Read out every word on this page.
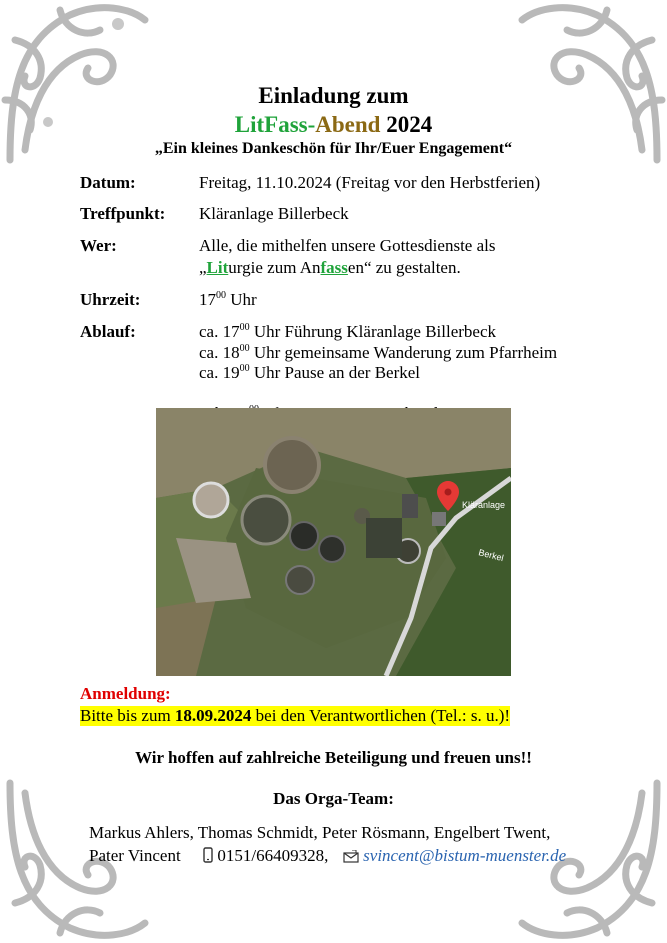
Einladung zum
LitFass-Abend 2024
„Ein kleines Dankeschön für Ihr/Euer Engagement“
Datum:	Freitag, 11.10.2024 (Freitag vor den Herbstferien)
Treffpunkt: Kläranlage Billerbeck
Wer:	Alle, die mithelfen unsere Gottesdienste als
„Liturgie zum Anfassen“ zu gestalten.
Uhrzeit:	$17^{00}$ Uhr
Ablauf:	ca. $17^{00}$ Uhr Führung Kläranlage Billerbeck
ca. $18^{00}$ Uhr gemeinsame Wanderung zum Pfarrheim
ca. $19^{00}$ Uhr Pause an der Berkel

Kläranlage
Berkel
Anmeldung:
Bitte bis zum 18.09.2024 bei den Verantwortlichen (Tel.: s. u.)!
Wir hoffen auf zahlreiche Beteiligung und freuen uns!!
Das Orga-Team:
Markus Ahlers, Thomas Schmidt, Peter Rösmann, Engelbert Twent,
Pater Vincent 0151/66409328, svincent@bistum-muenster.de
